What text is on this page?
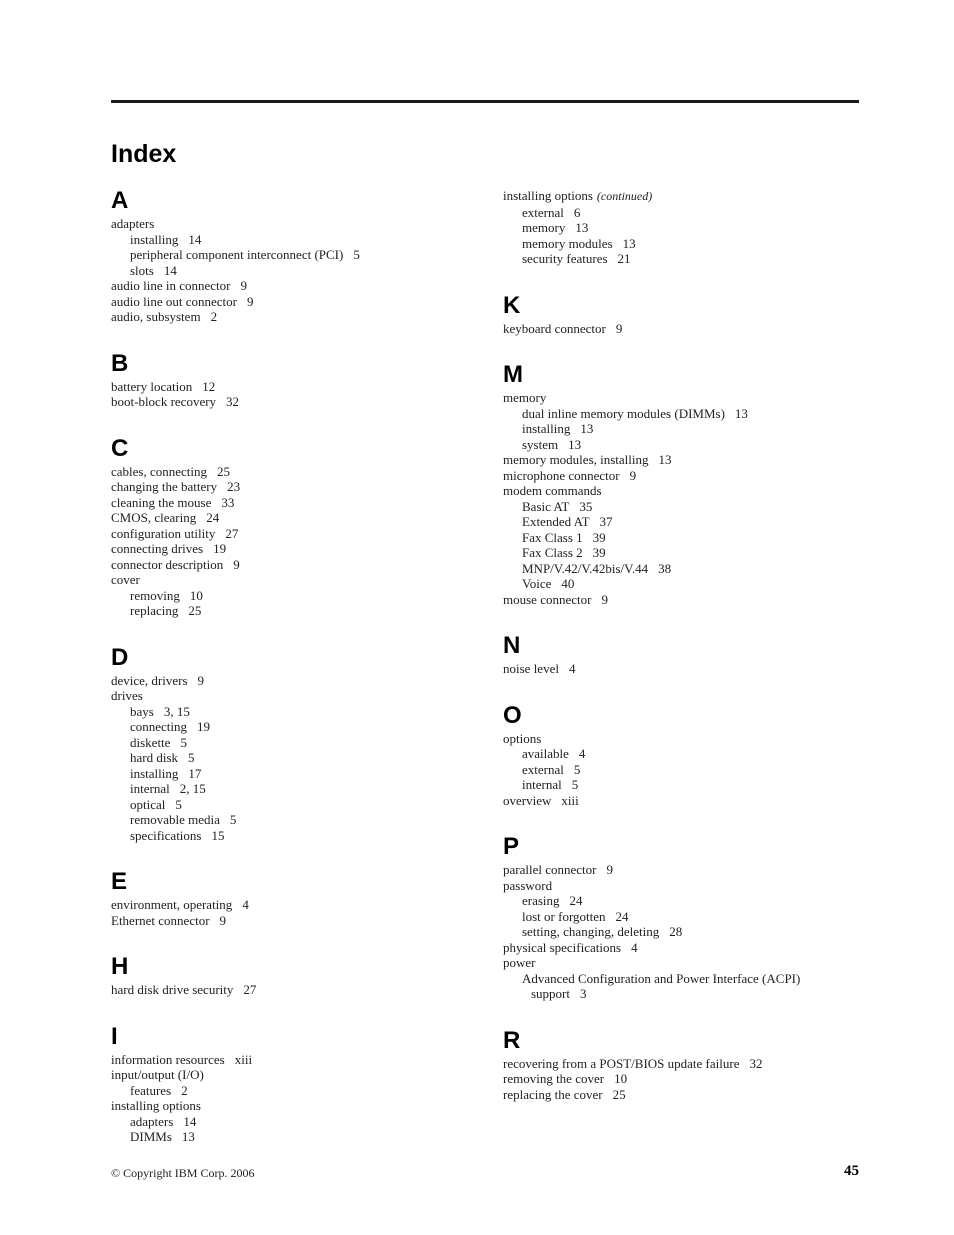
Index
A
adapters
installing 14
peripheral component interconnect (PCI) 5
slots 14
audio line in connector 9
audio line out connector 9
audio, subsystem 2
B
battery location 12
boot-block recovery 32
C
cables, connecting 25
changing the battery 23
cleaning the mouse 33
CMOS, clearing 24
configuration utility 27
connecting drives 19
connector description 9
cover
removing 10
replacing 25
D
device, drivers 9
drives
bays 3, 15
connecting 19
diskette 5
hard disk 5
installing 17
internal 2, 15
optical 5
removable media 5
specifications 15
E
environment, operating 4
Ethernet connector 9
H
hard disk drive security 27
I
information resources xiii
input/output (I/O)
features 2
installing options
adapters 14
DIMMs 13
installing options (continued)
external 6
memory 13
memory modules 13
security features 21
K
keyboard connector 9
M
memory
dual inline memory modules (DIMMs) 13
installing 13
system 13
memory modules, installing 13
microphone connector 9
modem commands
Basic AT 35
Extended AT 37
Fax Class 1 39
Fax Class 2 39
MNP/V.42/V.42bis/V.44 38
Voice 40
mouse connector 9
N
noise level 4
O
options
available 4
external 5
internal 5
overview xiii
P
parallel connector 9
password
erasing 24
lost or forgotten 24
setting, changing, deleting 28
physical specifications 4
power
Advanced Configuration and Power Interface (ACPI)
support 3
R
recovering from a POST/BIOS update failure 32
removing the cover 10
replacing the cover 25
© Copyright IBM Corp. 2006	45
